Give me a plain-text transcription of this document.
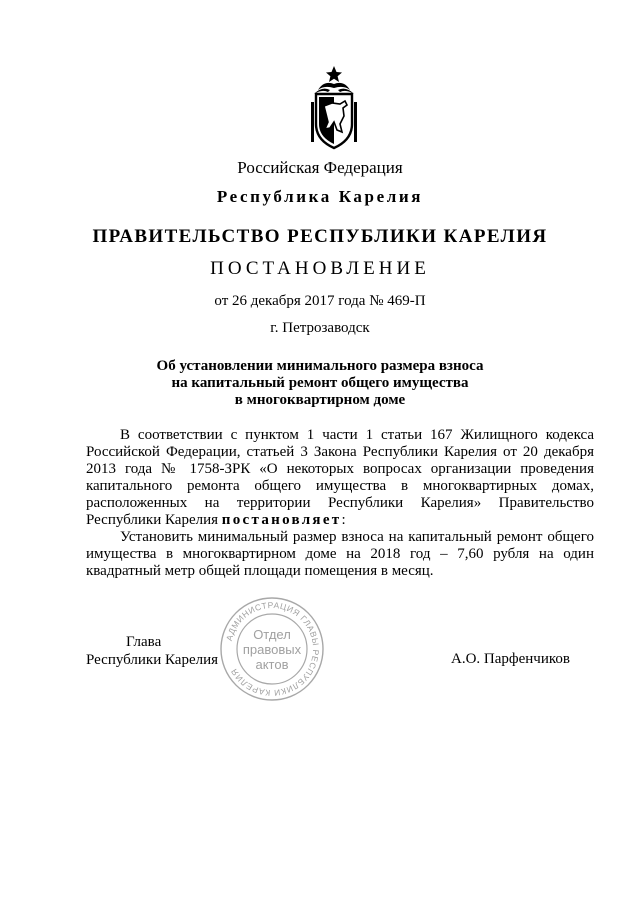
Российская Федерация
Республика Карелия
ПРАВИТЕЛЬСТВО РЕСПУБЛИКИ КАРЕЛИЯ
ПОСТАНОВЛЕНИЕ
от 26 декабря 2017 года № 469-П
г. Петрозаводск
Об установлении минимального размера взноса
на капитальный ремонт общего имущества
в многоквартирном доме
В соответствии с пунктом 1 части 1 статьи 167 Жилищного кодекса
Российской Федерации, статьей 3 Закона Республики Карелия от 20 декабря
2013 года № 1758-ЗРК «О некоторых вопросах организации проведения
капитального ремонта общего имущества в многоквартирных домах,
расположенных на территории Республики Карелия» Правительство
Республики Карелия постановляет:
Установить минимальный размер взноса на капитальный ремонт общего
имущества в многоквартирном доме на 2018 год – 7,60 рубля на один
квадратный метр общей площади помещения в месяц.
Глава
Республики Карелия	А.О. Парфенчиков
АДМИНИСТРАЦИЯ ГЛАВЫ РЕСПУБЛИКИ КАРЕЛИЯ
Отдел
правовых
актов
